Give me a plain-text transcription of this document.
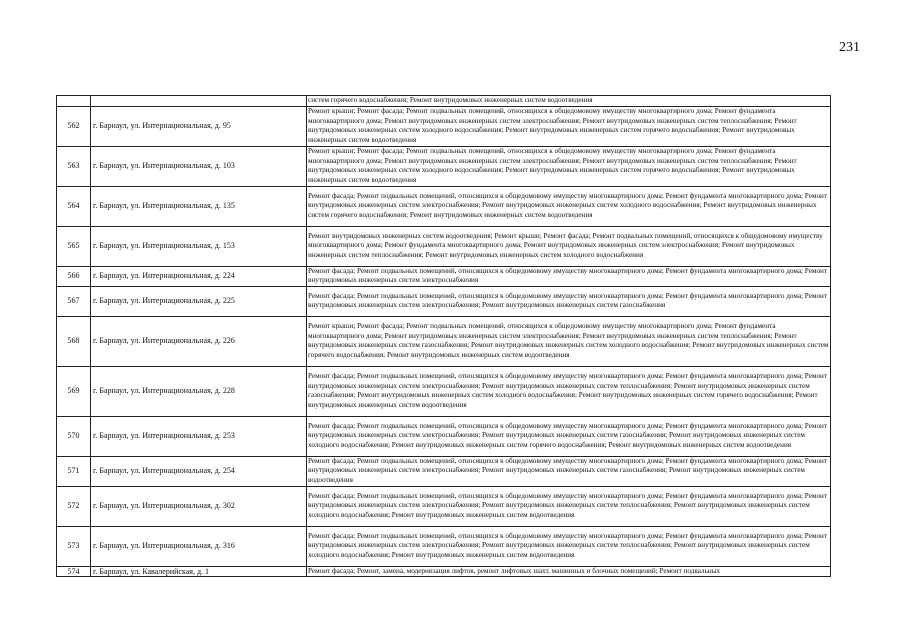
231
		систем горячего водоснабжения; Ремонт внутридомовых инженерных систем водоотведения
562	г. Барнаул, ул. Интернациональная, д. 95	Ремонт крыши; Ремонт фасада; Ремонт подвальных помещений, относящихся к общедомовому имуществу многоквартирного дома; Ремонт фундамента многоквартирного дома; Ремонт внутридомовых инженерных систем электроснабжения; Ремонт внутридомовых инженерных систем теплоснабжения; Ремонт внутридомовых инженерных систем холодного водоснабжения; Ремонт внутридомовых инженерных систем горячего водоснабжения; Ремонт внутридомовых инженерных систем водоотведения
563	г. Барнаул, ул. Интернациональная, д. 103	Ремонт крыши; Ремонт фасада; Ремонт подвальных помещений, относящихся к общедомовому имуществу многоквартирного дома; Ремонт фундамента многоквартирного дома; Ремонт внутридомовых инженерных систем электроснабжения; Ремонт внутридомовых инженерных систем теплоснабжения; Ремонт внутридомовых инженерных систем холодного водоснабжения; Ремонт внутридомовых инженерных систем горячего водоснабжения; Ремонт внутридомовых инженерных систем водоотведения
564	г. Барнаул, ул. Интернациональная, д. 135	Ремонт фасада; Ремонт подвальных помещений, относящихся к общедомовому имуществу многоквартирного дома; Ремонт фундамента многоквартирного дома; Ремонт внутридомовых инженерных систем электроснабжения; Ремонт внутридомовых инженерных систем холодного водоснабжения; Ремонт внутридомовых инженерных систем горячего водоснабжения; Ремонт внутридомовых инженерных систем водоотведения
565	г. Барнаул, ул. Интернациональная, д. 153	Ремонт внутридомовых инженерных систем водоотведения; Ремонт крыши; Ремонт фасада; Ремонт подвальных помещений, относящихся к общедомовому имуществу многоквартирного дома; Ремонт фундамента многоквартирного дома; Ремонт внутридомовых инженерных систем электроснабжения; Ремонт внутридомовых инженерных систем теплоснабжения; Ремонт внутридомовых инженерных систем холодного водоснабжения
566	г. Барнаул, ул. Интернациональная, д. 224	Ремонт фасада; Ремонт подвальных помещений, относящихся к общедомовому имуществу многоквартирного дома; Ремонт фундамента многоквартирного дома; Ремонт внутридомовых инженерных систем электроснабжения
567	г. Барнаул, ул. Интернациональная, д. 225	Ремонт фасада; Ремонт подвальных помещений, относящихся к общедомовому имуществу многоквартирного дома; Ремонт фундамента многоквартирного дома; Ремонт внутридомовых инженерных систем электроснабжения; Ремонт внутридомовых инженерных систем газоснабжения
568	г. Барнаул, ул. Интернациональная, д. 226	Ремонт крыши; Ремонт фасада; Ремонт подвальных помещений, относящихся к общедомовому имуществу многоквартирного дома; Ремонт фундамента многоквартирного дома; Ремонт внутридомовых инженерных систем электроснабжения; Ремонт внутридомовых инженерных систем теплоснабжения; Ремонт внутридомовых инженерных систем газоснабжения; Ремонт внутридомовых инженерных систем холодного водоснабжения; Ремонт внутридомовых инженерных систем горячего водоснабжения; Ремонт внутридомовых инженерных систем водоотведения
569	г. Барнаул, ул. Интернациональная, д. 228	Ремонт фасада; Ремонт подвальных помещений, относящихся к общедомовому имуществу многоквартирного дома; Ремонт фундамента многоквартирного дома; Ремонт внутридомовых инженерных систем электроснабжения; Ремонт внутридомовых инженерных систем теплоснабжения; Ремонт внутридомовых инженерных систем газоснабжения; Ремонт внутридомовых инженерных систем холодного водоснабжения; Ремонт внутридомовых инженерных систем горячего водоснабжения; Ремонт внутридомовых инженерных систем водоотведения
570	г. Барнаул, ул. Интернациональная, д. 253	Ремонт фасада; Ремонт подвальных помещений, относящихся к общедомовому имуществу многоквартирного дома; Ремонт фундамента многоквартирного дома; Ремонт внутридомовых инженерных систем электроснабжения; Ремонт внутридомовых инженерных систем газоснабжения; Ремонт внутридомовых инженерных систем холодного водоснабжения; Ремонт внутридомовых инженерных систем горячего водоснабжения; Ремонт внутридомовых инженерных систем водоотведения
571	г. Барнаул, ул. Интернациональная, д. 254	Ремонт фасада; Ремонт подвальных помещений, относящихся к общедомовому имуществу многоквартирного дома; Ремонт фундамента многоквартирного дома; Ремонт внутридомовых инженерных систем электроснабжения; Ремонт внутридомовых инженерных систем газоснабжения; Ремонт внутридомовых инженерных систем водоотведения
572	г. Барнаул, ул. Интернациональная, д. 302	Ремонт фасада; Ремонт подвальных помещений, относящихся к общедомовому имуществу многоквартирного дома; Ремонт фундамента многоквартирного дома; Ремонт внутридомовых инженерных систем электроснабжения; Ремонт внутридомовых инженерных систем теплоснабжения; Ремонт внутридомовых инженерных систем холодного водоснабжения; Ремонт внутридомовых инженерных систем водоотведения
573	г. Барнаул, ул. Интернациональная, д. 316	Ремонт фасада; Ремонт подвальных помещений, относящихся к общедомовому имуществу многоквартирного дома; Ремонт фундамента многоквартирного дома; Ремонт внутридомовых инженерных систем электроснабжения; Ремонт внутридомовых инженерных систем теплоснабжения; Ремонт внутридомовых инженерных систем холодного водоснабжения; Ремонт внутридомовых инженерных систем водоотведения
574	г. Барнаул, ул. Кавалерийская, д. 1	Ремонт фасада; Ремонт, замена, модернизация лифтов, ремонт лифтовых шахт, машинных и блочных помещений; Ремонт подвальных
